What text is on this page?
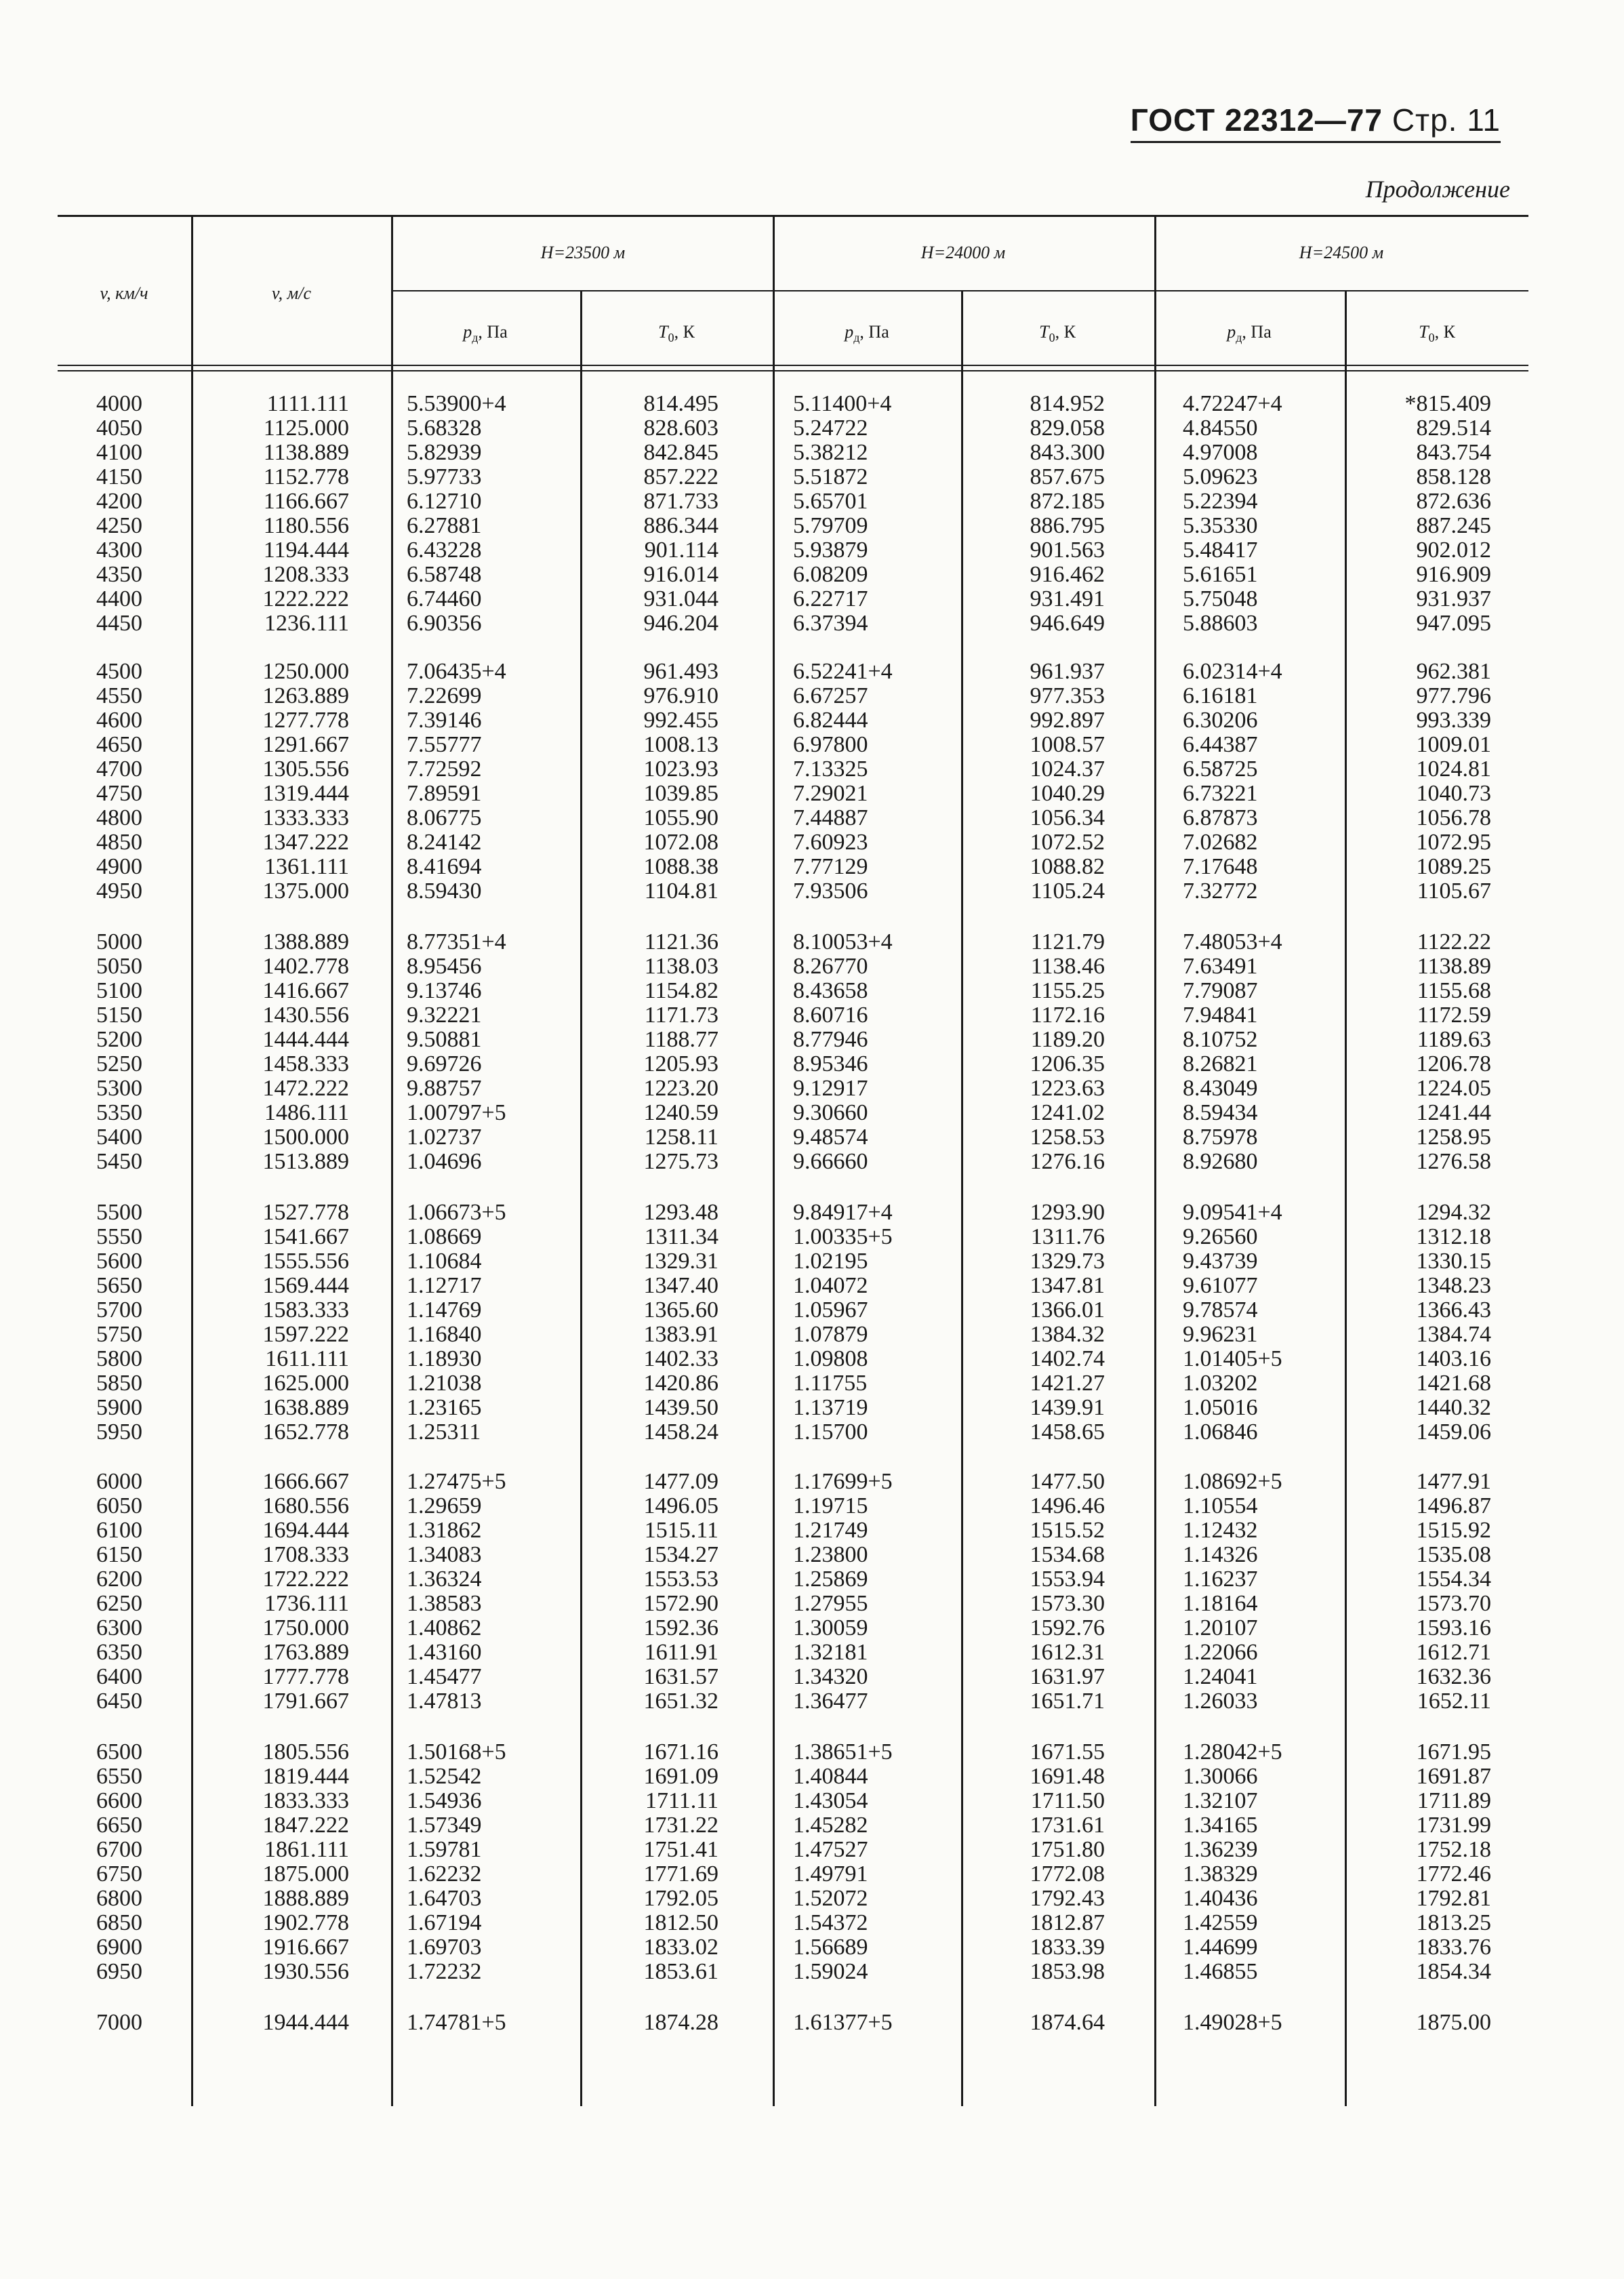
ГОСТ 22312—77 Стр. 11
Продолжение
v, км/ч	v, м/с
H=23500 м	H=24000 м	H=24500 м
$p_д$, Па	$T_0$, К	$p_д$, Па	$T_0$, К	$p_д$, Па	$T_0$, К
4000	1111.111	5.53900+4	814.495	5.11400+4	814.952	4.72247+4	*815.409
4050	1125.000	5.68328	828.603	5.24722	829.058	4.84550	829.514
4100	1138.889	5.82939	842.845	5.38212	843.300	4.97008	843.754
4150	1152.778	5.97733	857.222	5.51872	857.675	5.09623	858.128
4200	1166.667	6.12710	871.733	5.65701	872.185	5.22394	872.636
4250	1180.556	6.27881	886.344	5.79709	886.795	5.35330	887.245
4300	1194.444	6.43228	901.114	5.93879	901.563	5.48417	902.012
4350	1208.333	6.58748	916.014	6.08209	916.462	5.61651	916.909
4400	1222.222	6.74460	931.044	6.22717	931.491	5.75048	931.937
4450	1236.111	6.90356	946.204	6.37394	946.649	5.88603	947.095
4500	1250.000	7.06435+4	961.493	6.52241+4	961.937	6.02314+4	962.381
4550	1263.889	7.22699	976.910	6.67257	977.353	6.16181	977.796
4600	1277.778	7.39146	992.455	6.82444	992.897	6.30206	993.339
4650	1291.667	7.55777	1008.13	6.97800	1008.57	6.44387	1009.01
4700	1305.556	7.72592	1023.93	7.13325	1024.37	6.58725	1024.81
4750	1319.444	7.89591	1039.85	7.29021	1040.29	6.73221	1040.73
4800	1333.333	8.06775	1055.90	7.44887	1056.34	6.87873	1056.78
4850	1347.222	8.24142	1072.08	7.60923	1072.52	7.02682	1072.95
4900	1361.111	8.41694	1088.38	7.77129	1088.82	7.17648	1089.25
4950	1375.000	8.59430	1104.81	7.93506	1105.24	7.32772	1105.67
5000	1388.889	8.77351+4	1121.36	8.10053+4	1121.79	7.48053+4	1122.22
5050	1402.778	8.95456	1138.03	8.26770	1138.46	7.63491	1138.89
5100	1416.667	9.13746	1154.82	8.43658	1155.25	7.79087	1155.68
5150	1430.556	9.32221	1171.73	8.60716	1172.16	7.94841	1172.59
5200	1444.444	9.50881	1188.77	8.77946	1189.20	8.10752	1189.63
5250	1458.333	9.69726	1205.93	8.95346	1206.35	8.26821	1206.78
5300	1472.222	9.88757	1223.20	9.12917	1223.63	8.43049	1224.05
5350	1486.111	1.00797+5	1240.59	9.30660	1241.02	8.59434	1241.44
5400	1500.000	1.02737	1258.11	9.48574	1258.53	8.75978	1258.95
5450	1513.889	1.04696	1275.73	9.66660	1276.16	8.92680	1276.58
5500	1527.778	1.06673+5	1293.48	9.84917+4	1293.90	9.09541+4	1294.32
5550	1541.667	1.08669	1311.34	1.00335+5	1311.76	9.26560	1312.18
5600	1555.556	1.10684	1329.31	1.02195	1329.73	9.43739	1330.15
5650	1569.444	1.12717	1347.40	1.04072	1347.81	9.61077	1348.23
5700	1583.333	1.14769	1365.60	1.05967	1366.01	9.78574	1366.43
5750	1597.222	1.16840	1383.91	1.07879	1384.32	9.96231	1384.74
5800	1611.111	1.18930	1402.33	1.09808	1402.74	1.01405+5	1403.16
5850	1625.000	1.21038	1420.86	1.11755	1421.27	1.03202	1421.68
5900	1638.889	1.23165	1439.50	1.13719	1439.91	1.05016	1440.32
5950	1652.778	1.25311	1458.24	1.15700	1458.65	1.06846	1459.06
6000	1666.667	1.27475+5	1477.09	1.17699+5	1477.50	1.08692+5	1477.91
6050	1680.556	1.29659	1496.05	1.19715	1496.46	1.10554	1496.87
6100	1694.444	1.31862	1515.11	1.21749	1515.52	1.12432	1515.92
6150	1708.333	1.34083	1534.27	1.23800	1534.68	1.14326	1535.08
6200	1722.222	1.36324	1553.53	1.25869	1553.94	1.16237	1554.34
6250	1736.111	1.38583	1572.90	1.27955	1573.30	1.18164	1573.70
6300	1750.000	1.40862	1592.36	1.30059	1592.76	1.20107	1593.16
6350	1763.889	1.43160	1611.91	1.32181	1612.31	1.22066	1612.71
6400	1777.778	1.45477	1631.57	1.34320	1631.97	1.24041	1632.36
6450	1791.667	1.47813	1651.32	1.36477	1651.71	1.26033	1652.11
6500	1805.556	1.50168+5	1671.16	1.38651+5	1671.55	1.28042+5	1671.95
6550	1819.444	1.52542	1691.09	1.40844	1691.48	1.30066	1691.87
6600	1833.333	1.54936	1711.11	1.43054	1711.50	1.32107	1711.89
6650	1847.222	1.57349	1731.22	1.45282	1731.61	1.34165	1731.99
6700	1861.111	1.59781	1751.41	1.47527	1751.80	1.36239	1752.18
6750	1875.000	1.62232	1771.69	1.49791	1772.08	1.38329	1772.46
6800	1888.889	1.64703	1792.05	1.52072	1792.43	1.40436	1792.81
6850	1902.778	1.67194	1812.50	1.54372	1812.87	1.42559	1813.25
6900	1916.667	1.69703	1833.02	1.56689	1833.39	1.44699	1833.76
6950	1930.556	1.72232	1853.61	1.59024	1853.98	1.46855	1854.34
7000	1944.444	1.74781+5	1874.28	1.61377+5	1874.64	1.49028+5	1875.00
